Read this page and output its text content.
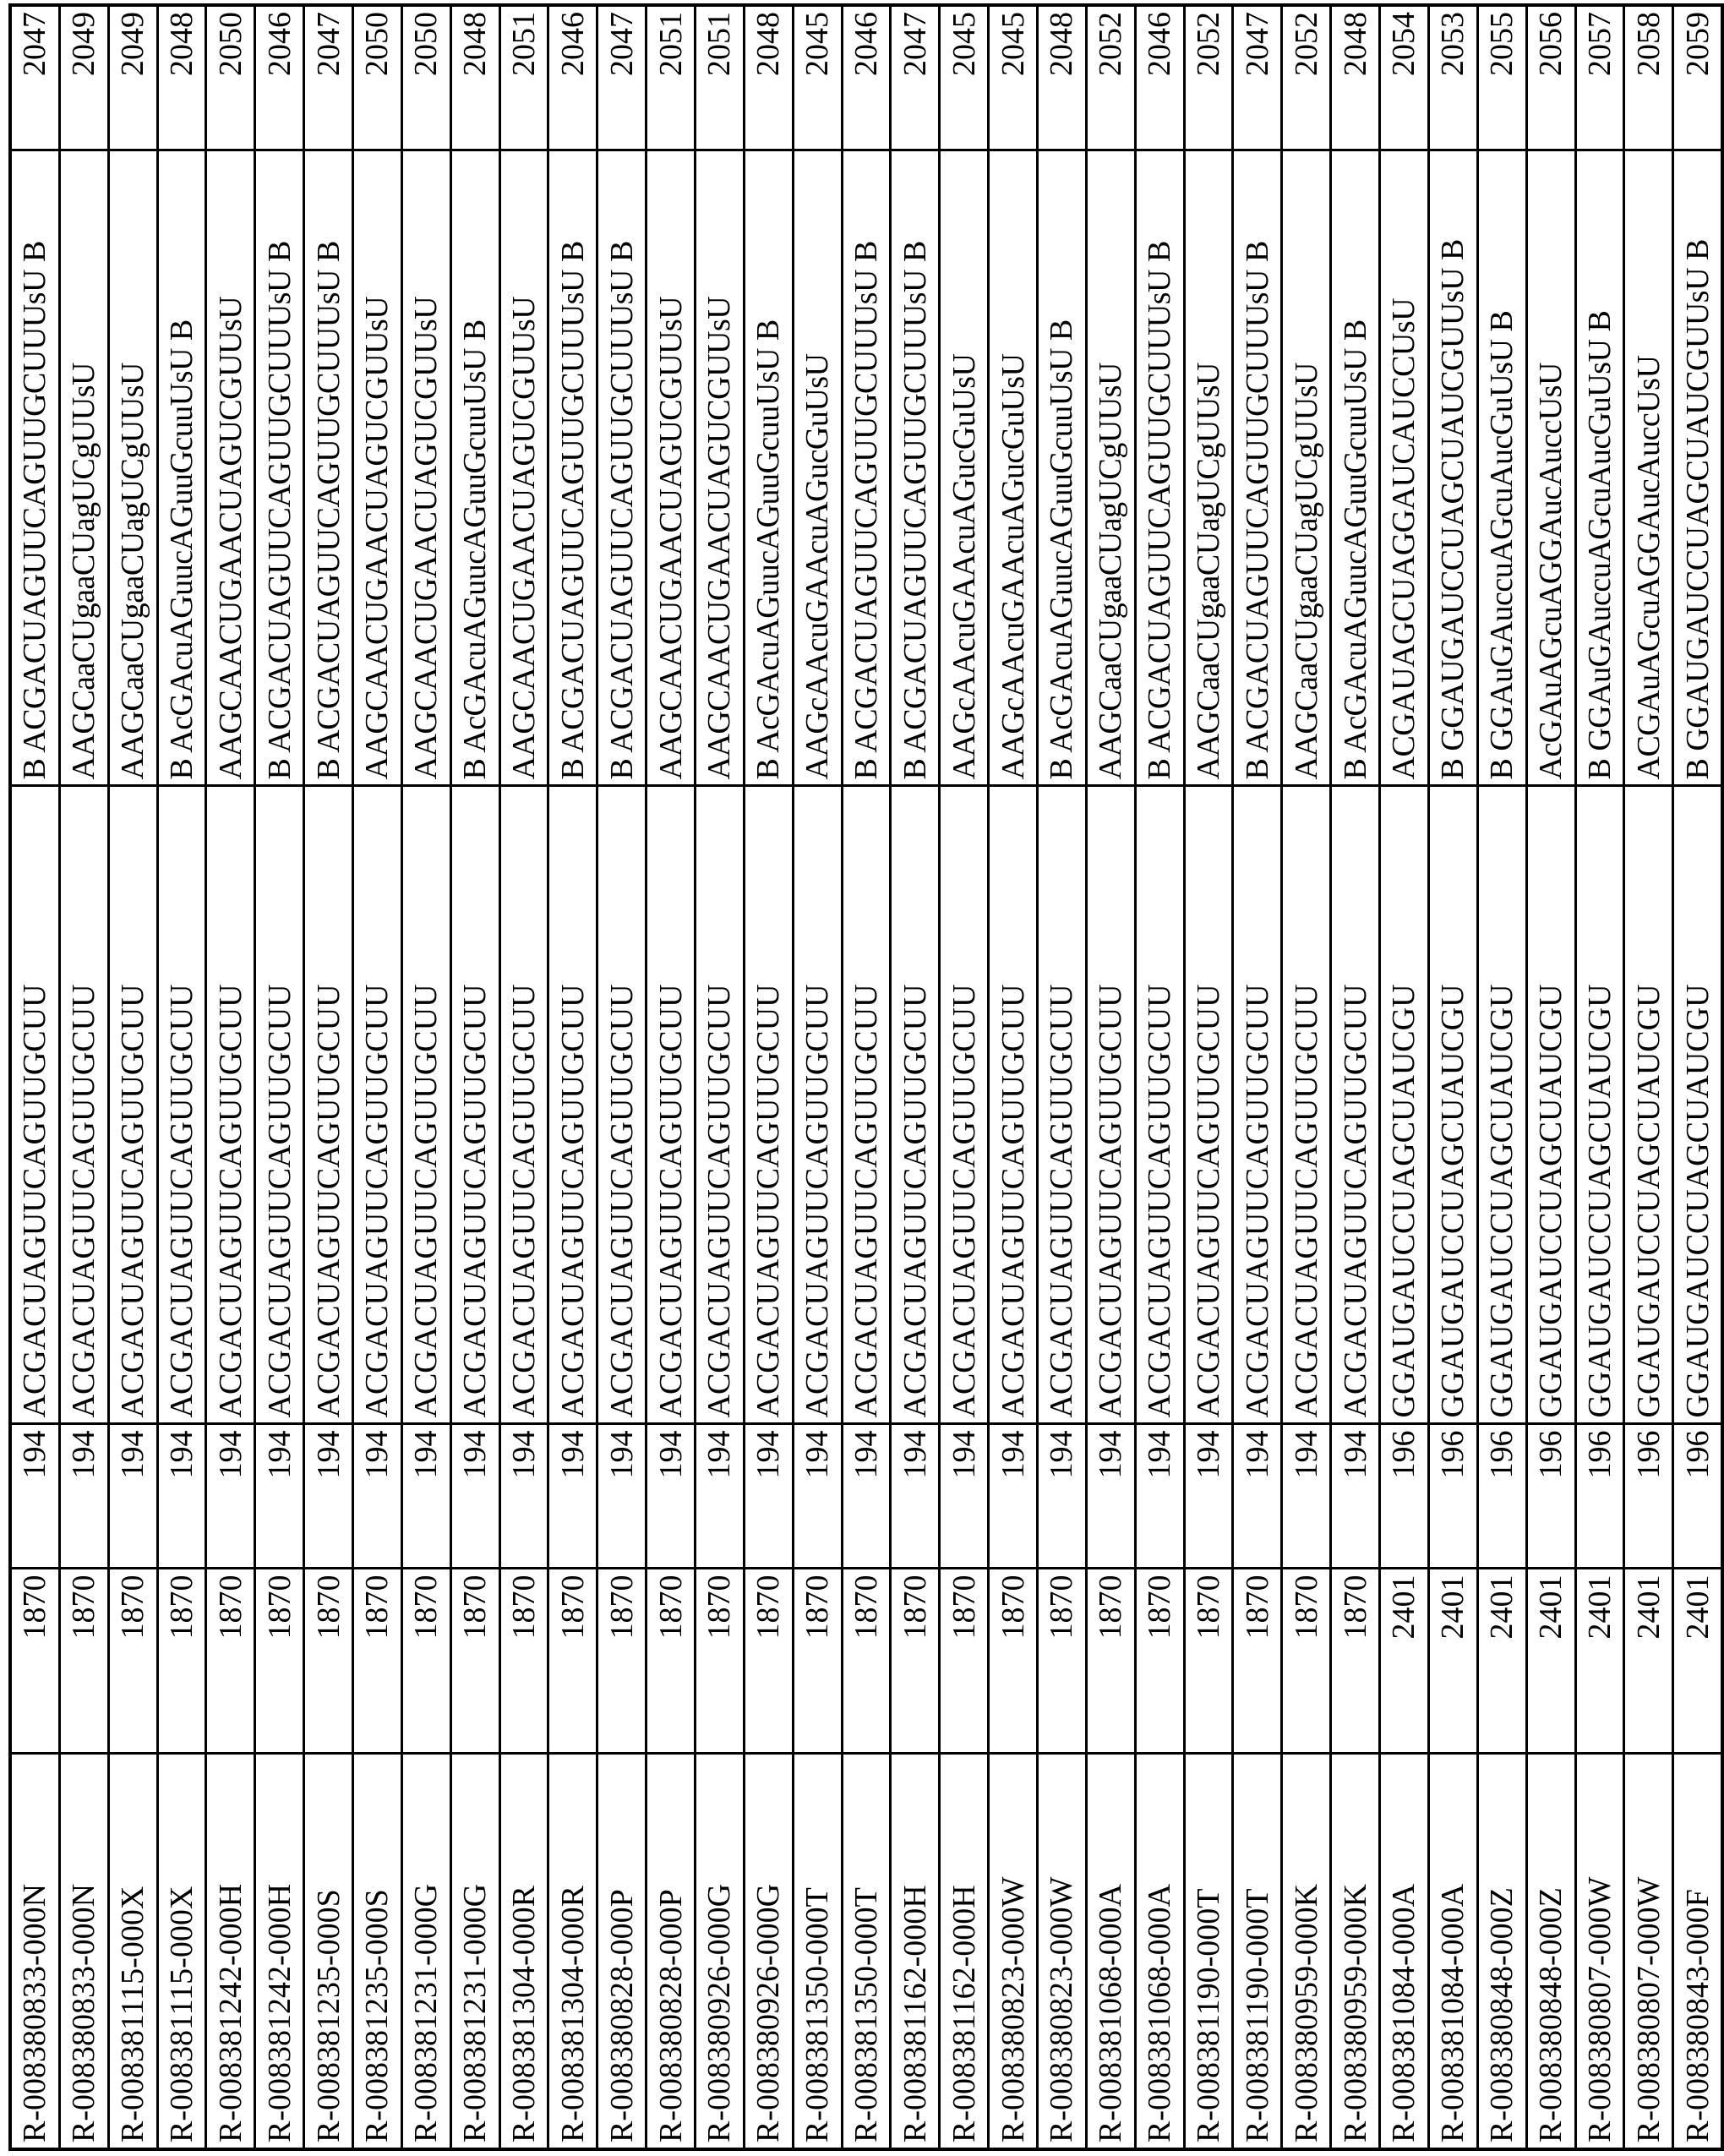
R-008380833-000N	1870	194	ACGACUAGUUCAGUUGCUU	B ACGACUAGUUCAGUUGCUUUsU B	2047
R-008380833-000N	1870	194	ACGACUAGUUCAGUUGCUU	AAGCaaCUgaaCUagUCgUUsU	2049
R-008381115-000X	1870	194	ACGACUAGUUCAGUUGCUU	AAGCaaCUgaaCUagUCgUUsU	2049
R-008381115-000X	1870	194	ACGACUAGUUCAGUUGCUU	B AcGAcuAGuucAGuuGcuuUsU B	2048
R-008381242-000H	1870	194	ACGACUAGUUCAGUUGCUU	AAGCAACUGAACUAGUCGUUsU	2050
R-008381242-000H	1870	194	ACGACUAGUUCAGUUGCUU	B ACGACUAGUUCAGUUGCUUUsU B	2046
R-008381235-000S	1870	194	ACGACUAGUUCAGUUGCUU	B ACGACUAGUUCAGUUGCUUUsU B	2047
R-008381235-000S	1870	194	ACGACUAGUUCAGUUGCUU	AAGCAACUGAACUAGUCGUUsU	2050
R-008381231-000G	1870	194	ACGACUAGUUCAGUUGCUU	AAGCAACUGAACUAGUCGUUsU	2050
R-008381231-000G	1870	194	ACGACUAGUUCAGUUGCUU	B AcGAcuAGuucAGuuGcuuUsU B	2048
R-008381304-000R	1870	194	ACGACUAGUUCAGUUGCUU	AAGCAACUGAACUAGUCGUUsU	2051
R-008381304-000R	1870	194	ACGACUAGUUCAGUUGCUU	B ACGACUAGUUCAGUUGCUUUsU B	2046
R-008380828-000P	1870	194	ACGACUAGUUCAGUUGCUU	B ACGACUAGUUCAGUUGCUUUsU B	2047
R-008380828-000P	1870	194	ACGACUAGUUCAGUUGCUU	AAGCAACUGAACUAGUCGUUsU	2051
R-008380926-000G	1870	194	ACGACUAGUUCAGUUGCUU	AAGCAACUGAACUAGUCGUUsU	2051
R-008380926-000G	1870	194	ACGACUAGUUCAGUUGCUU	B AcGAcuAGuucAGuuGcuuUsU B	2048
R-008381350-000T	1870	194	ACGACUAGUUCAGUUGCUU	AAGcAAcuGAAcuAGucGuUsU	2045
R-008381350-000T	1870	194	ACGACUAGUUCAGUUGCUU	B ACGACUAGUUCAGUUGCUUUsU B	2046
R-008381162-000H	1870	194	ACGACUAGUUCAGUUGCUU	B ACGACUAGUUCAGUUGCUUUsU B	2047
R-008381162-000H	1870	194	ACGACUAGUUCAGUUGCUU	AAGcAAcuGAAcuAGucGuUsU	2045
R-008380823-000W	1870	194	ACGACUAGUUCAGUUGCUU	AAGcAAcuGAAcuAGucGuUsU	2045
R-008380823-000W	1870	194	ACGACUAGUUCAGUUGCUU	B AcGAcuAGuucAGuuGcuuUsU B	2048
R-008381068-000A	1870	194	ACGACUAGUUCAGUUGCUU	AAGCaaCUgaaCUagUCgUUsU	2052
R-008381068-000A	1870	194	ACGACUAGUUCAGUUGCUU	B ACGACUAGUUCAGUUGCUUUsU B	2046
R-008381190-000T	1870	194	ACGACUAGUUCAGUUGCUU	AAGCaaCUgaaCUagUCgUUsU	2052
R-008381190-000T	1870	194	ACGACUAGUUCAGUUGCUU	B ACGACUAGUUCAGUUGCUUUsU B	2047
R-008380959-000K	1870	194	ACGACUAGUUCAGUUGCUU	AAGCaaCUgaaCUagUCgUUsU	2052
R-008380959-000K	1870	194	ACGACUAGUUCAGUUGCUU	B AcGAcuAGuucAGuuGcuuUsU B	2048
R-008381084-000A	2401	196	GGAUGAUCCUAGCUAUCGU	ACGAUAGCUAGGAUCAUCCUsU	2054
R-008381084-000A	2401	196	GGAUGAUCCUAGCUAUCGU	B GGAUGAUCCUAGCUAUCGUUsU B	2053
R-008380848-000Z	2401	196	GGAUGAUCCUAGCUAUCGU	B GGAuGAuccuAGcuAucGuUsU B	2055
R-008380848-000Z	2401	196	GGAUGAUCCUAGCUAUCGU	AcGAuAGcuAGGAucAuccUsU	2056
R-008380807-000W	2401	196	GGAUGAUCCUAGCUAUCGU	B GGAuGAuccuAGcuAucGuUsU B	2057
R-008380807-000W	2401	196	GGAUGAUCCUAGCUAUCGU	ACGAuAGcuAGGAucAuccUsU	2058
R-008380843-000F	2401	196	GGAUGAUCCUAGCUAUCGU	B GGAUGAUCCUAGCUAUCGUUsU B	2059
